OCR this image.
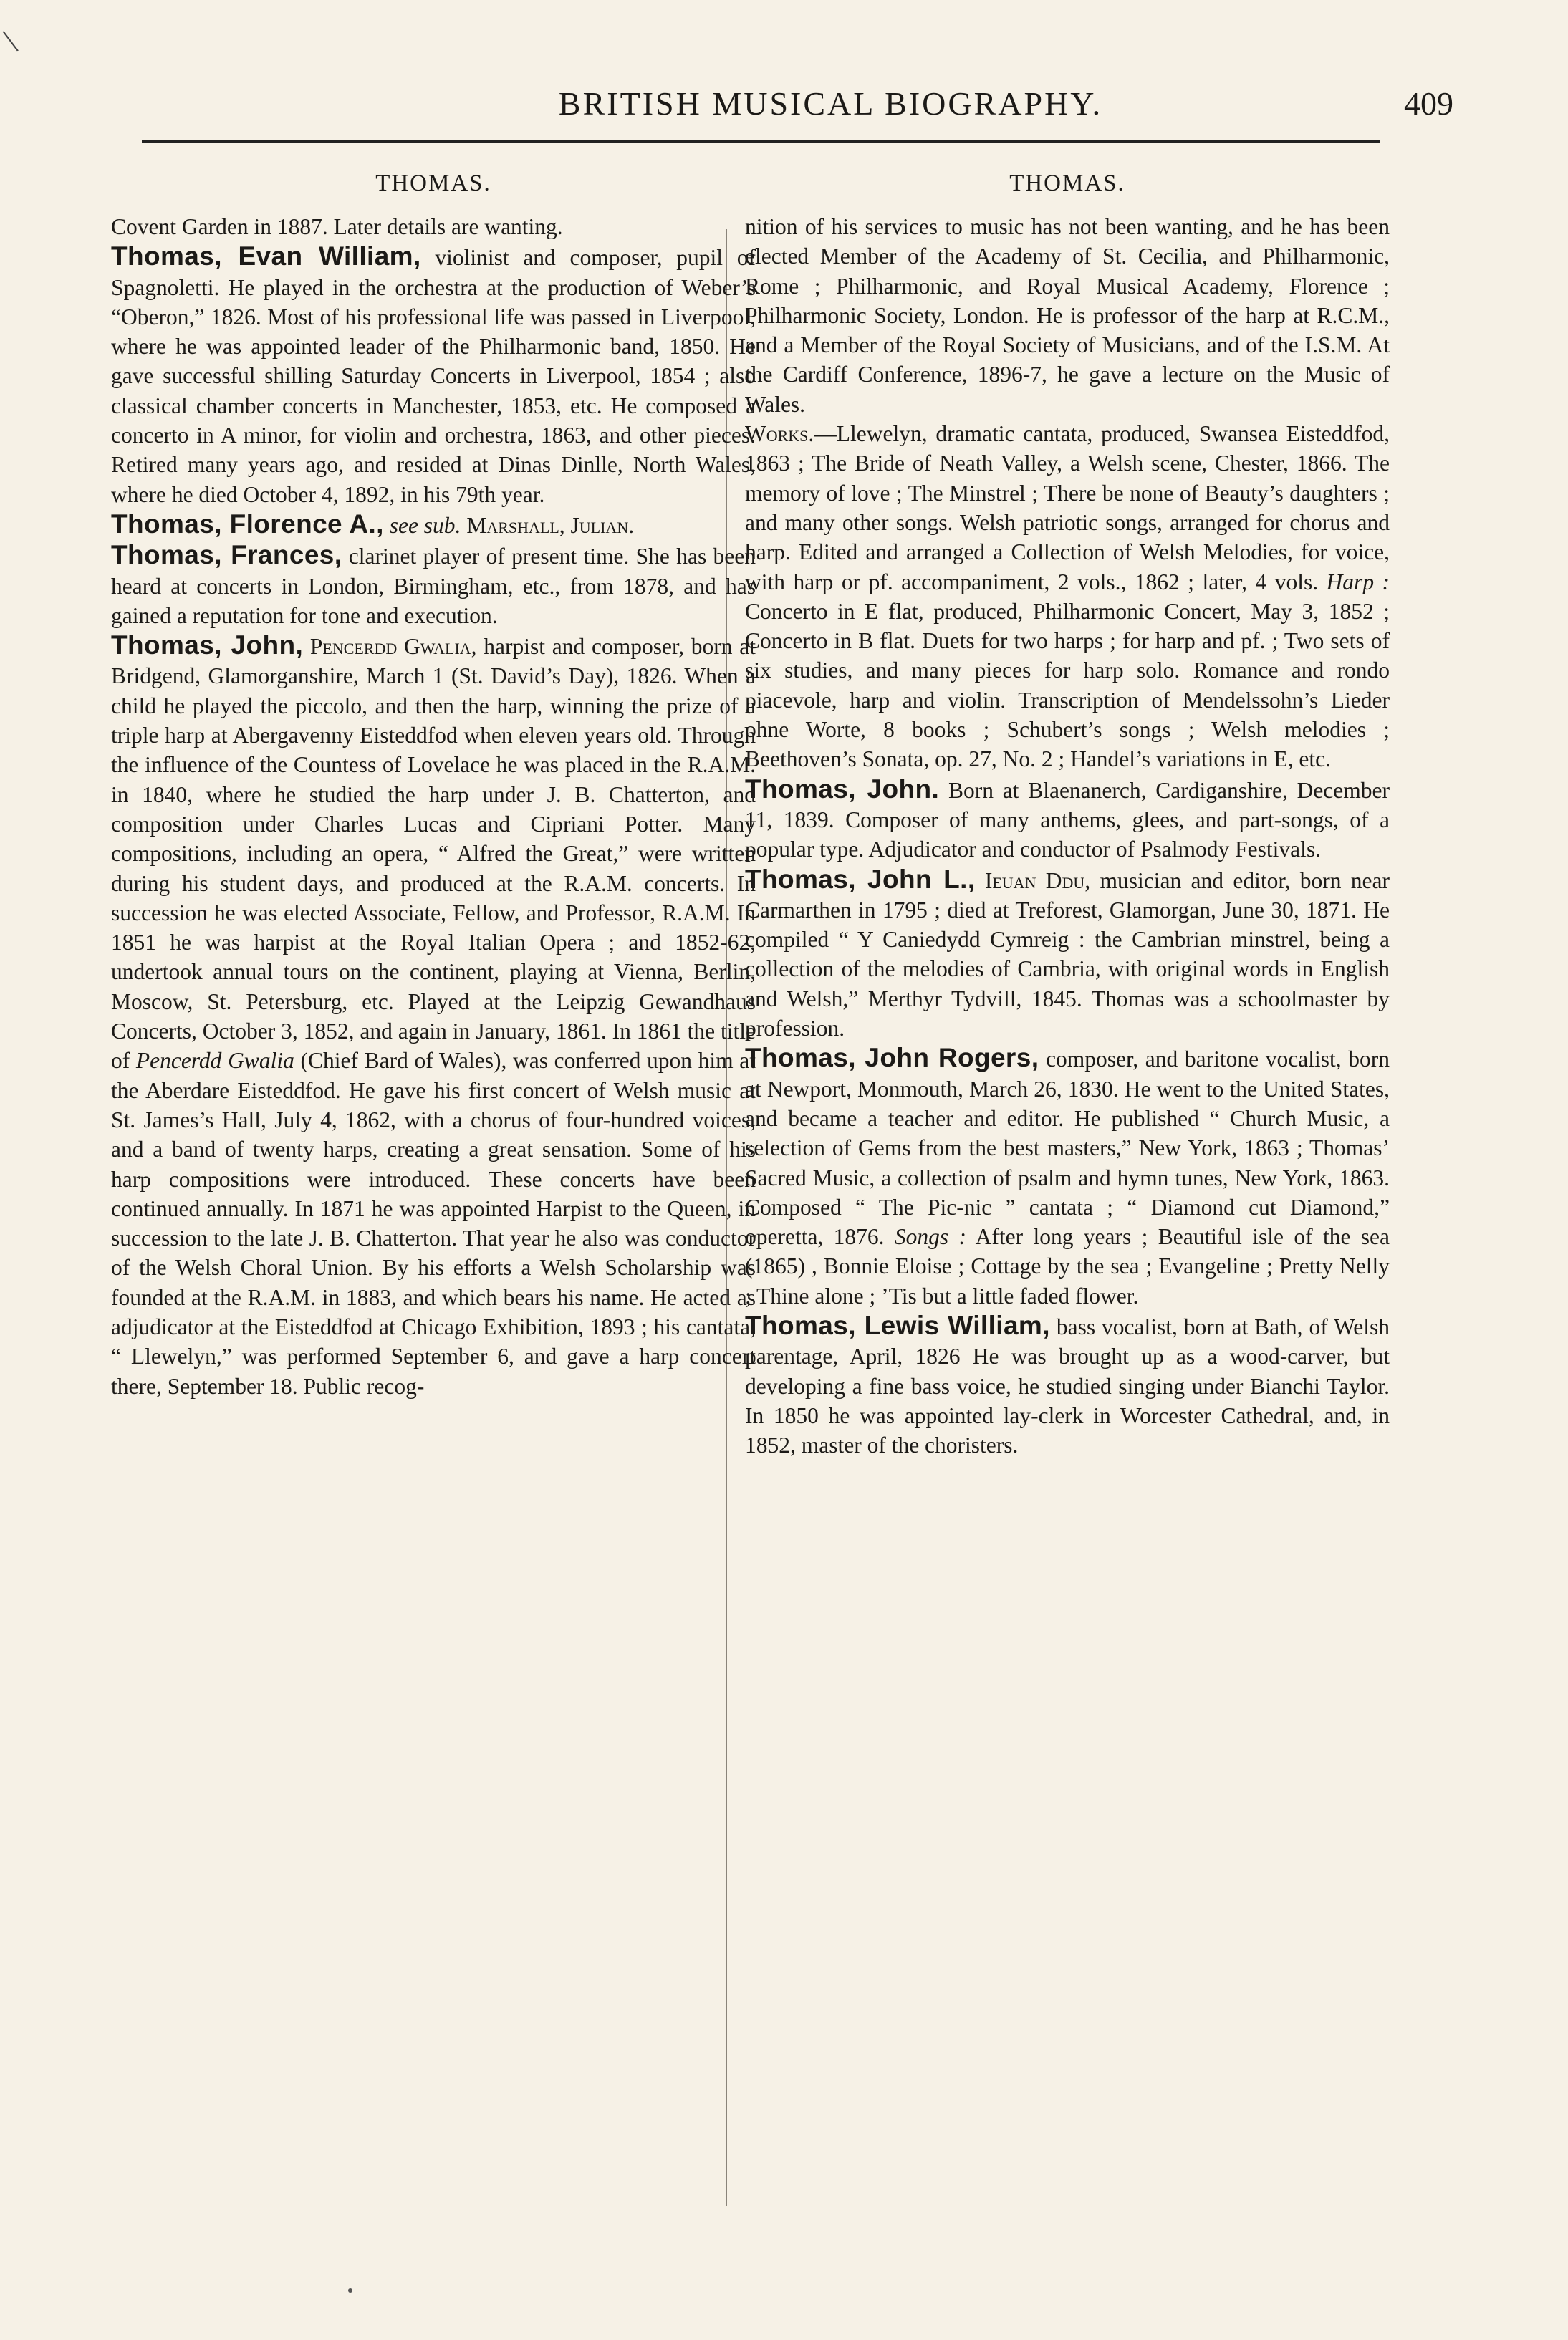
\
BRITISH MUSICAL BIOGRAPHY.	409
THOMAS.

Covent Garden in 1887. Later details are wanting.

Thomas, Evan William, violinist and composer, pupil of Spagnoletti. He played in the orchestra at the production of Weber’s “Oberon,” 1826. Most of his professional life was passed in Liverpool, where he was appointed leader of the Philharmonic band, 1850. He gave successful shilling Saturday Concerts in Liverpool, 1854 ; also classical chamber concerts in Manchester, 1853, etc. He composed a concerto in A minor, for violin and orchestra, 1863, and other pieces. Retired many years ago, and resided at Dinas Dinlle, North Wales, where he died October 4, 1892, in his 79th year.

Thomas, Florence A., see sub. Marshall, Julian.

Thomas, Frances, clarinet player of present time. She has been heard at concerts in London, Birmingham, etc., from 1878, and has gained a reputation for tone and execution.

Thomas, John, Pencerdd Gwalia, harpist and composer, born at Bridgend, Glamorganshire, March 1 (St. David’s Day), 1826. When a child he played the piccolo, and then the harp, winning the prize of a triple harp at Abergavenny Eisteddfod when eleven years old. Through the influence of the Countess of Lovelace he was placed in the R.A.M. in 1840, where he studied the harp under J. B. Chatterton, and composition under Charles Lucas and Cipriani Potter. Many compositions, including an opera, “ Alfred the Great,” were written during his student days, and produced at the R.A.M. concerts. In succession he was elected Associate, Fellow, and Professor, R.A.M. In 1851 he was harpist at the Royal Italian Opera ; and 1852-62, undertook annual tours on the continent, playing at Vienna, Berlin, Moscow, St. Petersburg, etc. Played at the Leipzig Gewandhaus Concerts, October 3, 1852, and again in January, 1861. In 1861 the title of Pencerdd Gwalia (Chief Bard of Wales), was conferred upon him at the Aberdare Eisteddfod. He gave his first concert of Welsh music at St. James’s Hall, July 4, 1862, with a chorus of four-hundred voices, and a band of twenty harps, creating a great sensation. Some of his harp compositions were introduced. These concerts have been continued annually. In 1871 he was appointed Harpist to the Queen, in succession to the late J. B. Chatterton. That year he also was conductor of the Welsh Choral Union. By his efforts a Welsh Scholarship was founded at the R.A.M. in 1883, and which bears his name. He acted as adjudicator at the Eisteddfod at Chicago Exhibition, 1893 ; his cantata, “ Llewelyn,” was performed September 6, and gave a harp concert there, September 18. Public recog-

THOMAS.

nition of his services to music has not been wanting, and he has been elected Member of the Academy of St. Cecilia, and Philharmonic, Rome ; Philharmonic, and Royal Musical Academy, Florence ; Philharmonic Society, London. He is professor of the harp at R.C.M., and a Member of the Royal Society of Musicians, and of the I.S.M. At the Cardiff Conference, 1896-7, he gave a lecture on the Music of Wales.

Works.—Llewelyn, dramatic cantata, produced, Swansea Eisteddfod, 1863 ; The Bride of Neath Valley, a Welsh scene, Chester, 1866. The memory of love ; The Minstrel ; There be none of Beauty’s daughters ; and many other songs. Welsh patriotic songs, arranged for chorus and harp. Edited and arranged a Collection of Welsh Melodies, for voice, with harp or pf. accompaniment, 2 vols., 1862 ; later, 4 vols. Harp : Concerto in E flat, produced, Philharmonic Concert, May 3, 1852 ; Concerto in B flat. Duets for two harps ; for harp and pf. ; Two sets of six studies, and many pieces for harp solo. Romance and rondo piacevole, harp and violin. Transcription of Mendelssohn’s Lieder ohne Worte, 8 books ; Schubert’s songs ; Welsh melodies ; Beethoven’s Sonata, op. 27, No. 2 ; Handel’s variations in E, etc.

Thomas, John. Born at Blaenanerch, Cardiganshire, December 11, 1839. Composer of many anthems, glees, and part-songs, of a popular type. Adjudicator and conductor of Psalmody Festivals.

Thomas, John L., Ieuan Ddu, musician and editor, born near Carmarthen in 1795 ; died at Treforest, Glamorgan, June 30, 1871. He compiled “ Y Caniedydd Cymreig : the Cambrian minstrel, being a collection of the melodies of Cambria, with original words in English and Welsh,” Merthyr Tydvill, 1845. Thomas was a schoolmaster by profession.

Thomas, John Rogers, composer, and baritone vocalist, born at Newport, Monmouth, March 26, 1830. He went to the United States, and became a teacher and editor. He published “ Church Music, a selection of Gems from the best masters,” New York, 1863 ; Thomas’ Sacred Music, a collection of psalm and hymn tunes, New York, 1863. Composed “ The Pic-nic ” cantata ; “ Diamond cut Diamond,” operetta, 1876. Songs : After long years ; Beautiful isle of the sea (1865) , Bonnie Eloise ; Cottage by the sea ; Evangeline ; Pretty Nelly ; Thine alone ; ’Tis but a little faded flower.

Thomas, Lewis William, bass vocalist, born at Bath, of Welsh parentage, April, 1826 He was brought up as a wood-carver, but developing a fine bass voice, he studied singing under Bianchi Taylor. In 1850 he was appointed lay-clerk in Worcester Cathedral, and, in 1852, master of the choristers.
